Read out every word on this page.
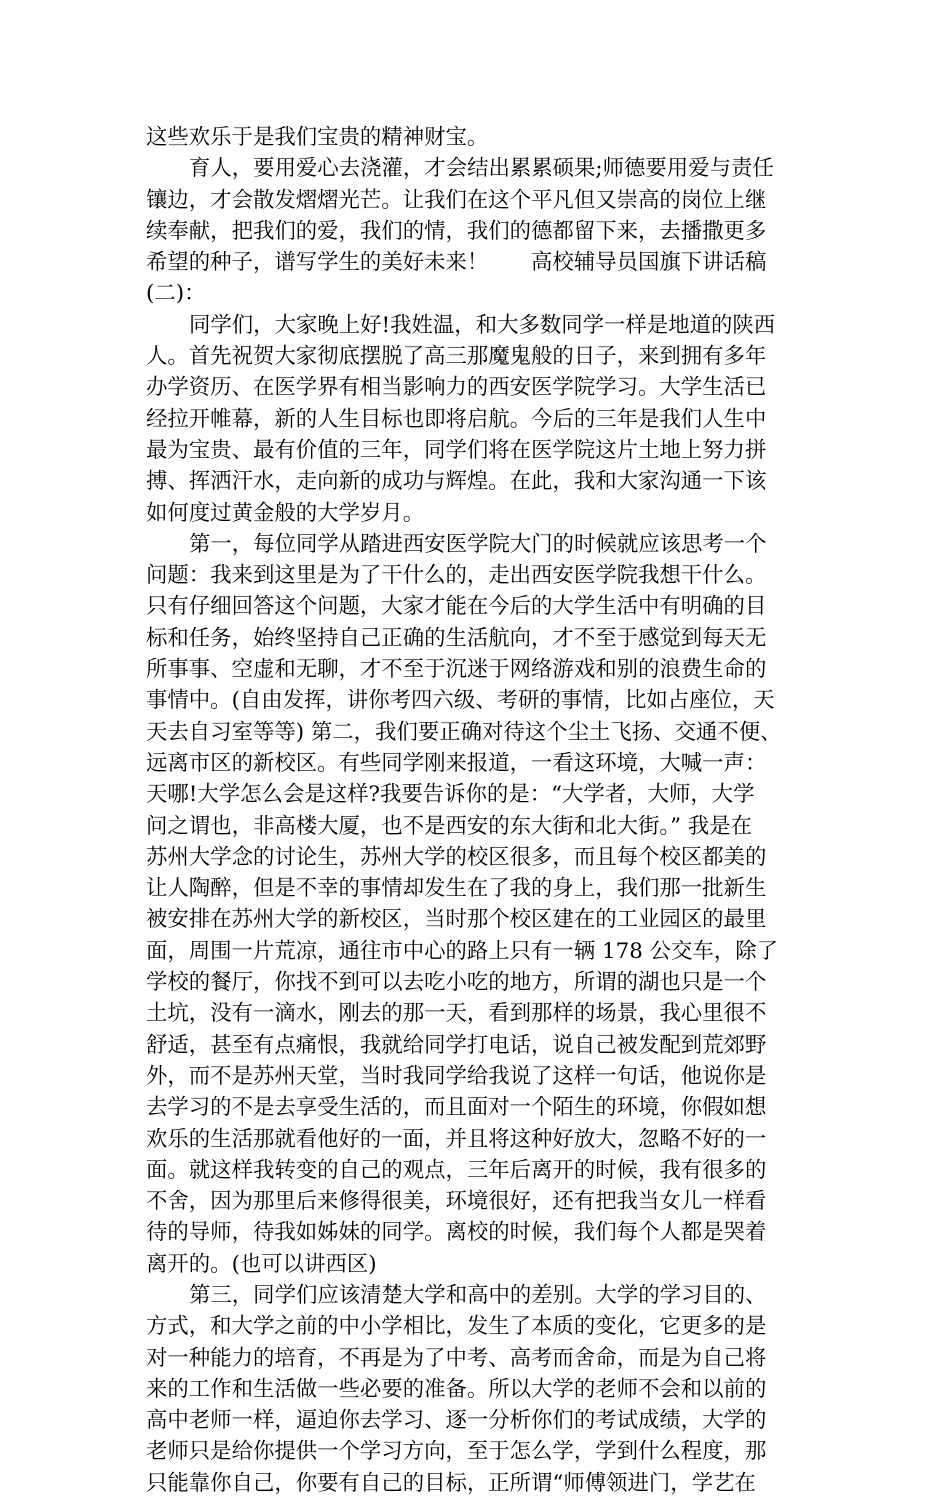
这些欢乐于是我们宝贵的精神财宝。
育人，要用爱心去浇灌，才会结出累累硕果;师德要用爱与责任
镶边，才会散发熠熠光芒。让我们在这个平凡但又崇高的岗位上继
续奉献，把我们的爱，我们的情，我们的德都留下来，去播撒更多
希望的种子，谱写学生的美好未来！　　高校辅导员国旗下讲话稿
(二)：
同学们，大家晚上好!我姓温，和大多数同学一样是地道的陕西
人。首先祝贺大家彻底摆脱了高三那魔鬼般的日子，来到拥有多年
办学资历、在医学界有相当影响力的西安医学院学习。大学生活已
经拉开帷幕，新的人生目标也即将启航。今后的三年是我们人生中
最为宝贵、最有价值的三年，同学们将在医学院这片土地上努力拼
搏、挥洒汗水，走向新的成功与辉煌。在此，我和大家沟通一下该
如何度过黄金般的大学岁月。
第一，每位同学从踏进西安医学院大门的时候就应该思考一个
问题：我来到这里是为了干什么的，走出西安医学院我想干什么。
只有仔细回答这个问题，大家才能在今后的大学生活中有明确的目
标和任务，始终坚持自己正确的生活航向，才不至于感觉到每天无
所事事、空虚和无聊，才不至于沉迷于网络游戏和别的浪费生命的
事情中。(自由发挥，讲你考四六级、考研的事情，比如占座位，天
天去自习室等等) 第二，我们要正确对待这个尘土飞扬、交通不便、
远离市区的新校区。有些同学刚来报道，一看这环境，大喊一声：
天哪!大学怎么会是这样?我要告诉你的是：“大学者，大师，大学
问之谓也，非高楼大厦，也不是西安的东大街和北大街。” 我是在
苏州大学念的讨论生，苏州大学的校区很多，而且每个校区都美的
让人陶醉，但是不幸的事情却发生在了我的身上，我们那一批新生
被安排在苏州大学的新校区，当时那个校区建在的工业园区的最里
面，周围一片荒凉，通往市中心的路上只有一辆 178 公交车，除了
学校的餐厅，你找不到可以去吃小吃的地方，所谓的湖也只是一个
土坑，没有一滴水，刚去的那一天，看到那样的场景，我心里很不
舒适，甚至有点痛恨，我就给同学打电话，说自己被发配到荒郊野
外，而不是苏州天堂，当时我同学给我说了这样一句话，他说你是
去学习的不是去享受生活的，而且面对一个陌生的环境，你假如想
欢乐的生活那就看他好的一面，并且将这种好放大，忽略不好的一
面。就这样我转变的自己的观点，三年后离开的时候，我有很多的
不舍，因为那里后来修得很美，环境很好，还有把我当女儿一样看
待的导师，待我如姊妹的同学。离校的时候，我们每个人都是哭着
离开的。(也可以讲西区)
第三，同学们应该清楚大学和高中的差别。大学的学习目的、
方式，和大学之前的中小学相比，发生了本质的变化，它更多的是
对一种能力的培育，不再是为了中考、高考而舍命，而是为自己将
来的工作和生活做一些必要的准备。所以大学的老师不会和以前的
高中老师一样，逼迫你去学习、逐一分析你们的考试成绩，大学的
老师只是给你提供一个学习方向，至于怎么学，学到什么程度，那
只能靠你自己，你要有自己的目标，正所谓“师傅领进门，学艺在
